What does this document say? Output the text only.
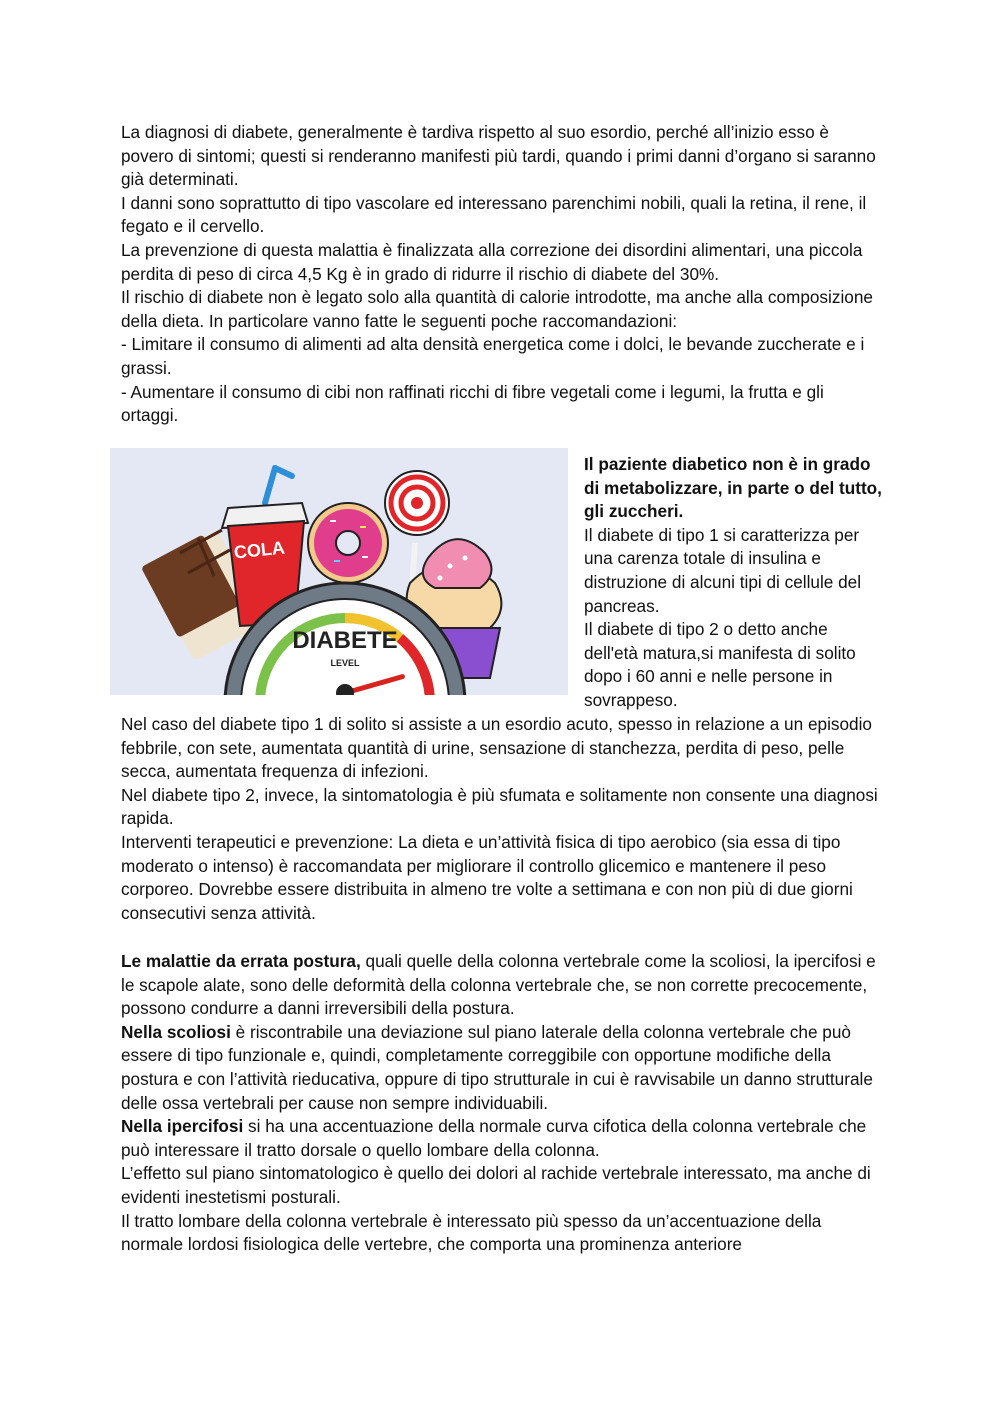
La diagnosi di diabete, generalmente è tardiva rispetto al suo esordio, perché all’inizio esso è povero di sintomi; questi si renderanno manifesti più tardi, quando i primi danni d’organo si saranno già determinati.

I danni sono soprattutto di tipo vascolare ed interessano parenchimi nobili, quali la retina, il rene, il fegato e il cervello.

La prevenzione di questa malattia è finalizzata alla correzione dei disordini alimentari, una piccola perdita di peso di circa 4,5 Kg è in grado di ridurre il rischio di diabete del 30%.

Il rischio di diabete non è legato solo alla quantità di calorie introdotte, ma anche alla composizione della dieta. In particolare vanno fatte le seguenti poche raccomandazioni:

- Limitare il consumo di alimenti ad alta densità energetica come i dolci, le bevande zuccherate e i grassi.

- Aumentare il consumo di cibi non raffinati ricchi di fibre vegetali come i legumi, la frutta e gli ortaggi.

COLA
DIABETE
LEVEL

Il paziente diabetico non è in grado di metabolizzare, in parte o del tutto, gli zuccheri.

Il diabete di tipo 1 si caratterizza per una carenza totale di insulina e distruzione di alcuni tipi di cellule del pancreas.

Il diabete di tipo 2 o detto anche dell'età matura,si manifesta di solito dopo i 60 anni e nelle persone in sovrappeso.

Nel caso del diabete tipo 1 di solito si assiste a un esordio acuto, spesso in relazione a un episodio febbrile, con sete, aumentata quantità di urine, sensazione di stanchezza, perdita di peso, pelle secca, aumentata frequenza di infezioni.

Nel diabete tipo 2, invece, la sintomatologia è più sfumata e solitamente non consente una diagnosi rapida.

Interventi terapeutici e prevenzione: La dieta e un’attività fisica di tipo aerobico (sia essa di tipo moderato o intenso) è raccomandata per migliorare il controllo glicemico e mantenere il peso corporeo. Dovrebbe essere distribuita in almeno tre volte a settimana e con non più di due giorni consecutivi senza attività.

Le malattie da errata postura, quali quelle della colonna vertebrale come la scoliosi, la ipercifosi e le scapole alate, sono delle deformità della colonna vertebrale che, se non corrette precocemente, possono condurre a danni irreversibili della postura.

Nella scoliosi è riscontrabile una deviazione sul piano laterale della colonna vertebrale che può essere di tipo funzionale e, quindi, completamente correggibile con opportune modifiche della postura e con l’attività rieducativa, oppure di tipo strutturale in cui è ravvisabile un danno strutturale delle ossa vertebrali per cause non sempre individuabili.

Nella ipercifosi si ha una accentuazione della normale curva cifotica della colonna vertebrale che può interessare il tratto dorsale o quello lombare della colonna.

L’effetto sul piano sintomatologico è quello dei dolori al rachide vertebrale interessato, ma anche di evidenti inestetismi posturali.

Il tratto lombare della colonna vertebrale è interessato più spesso da un’accentuazione della normale lordosi fisiologica delle vertebre, che comporta una prominenza anteriore
